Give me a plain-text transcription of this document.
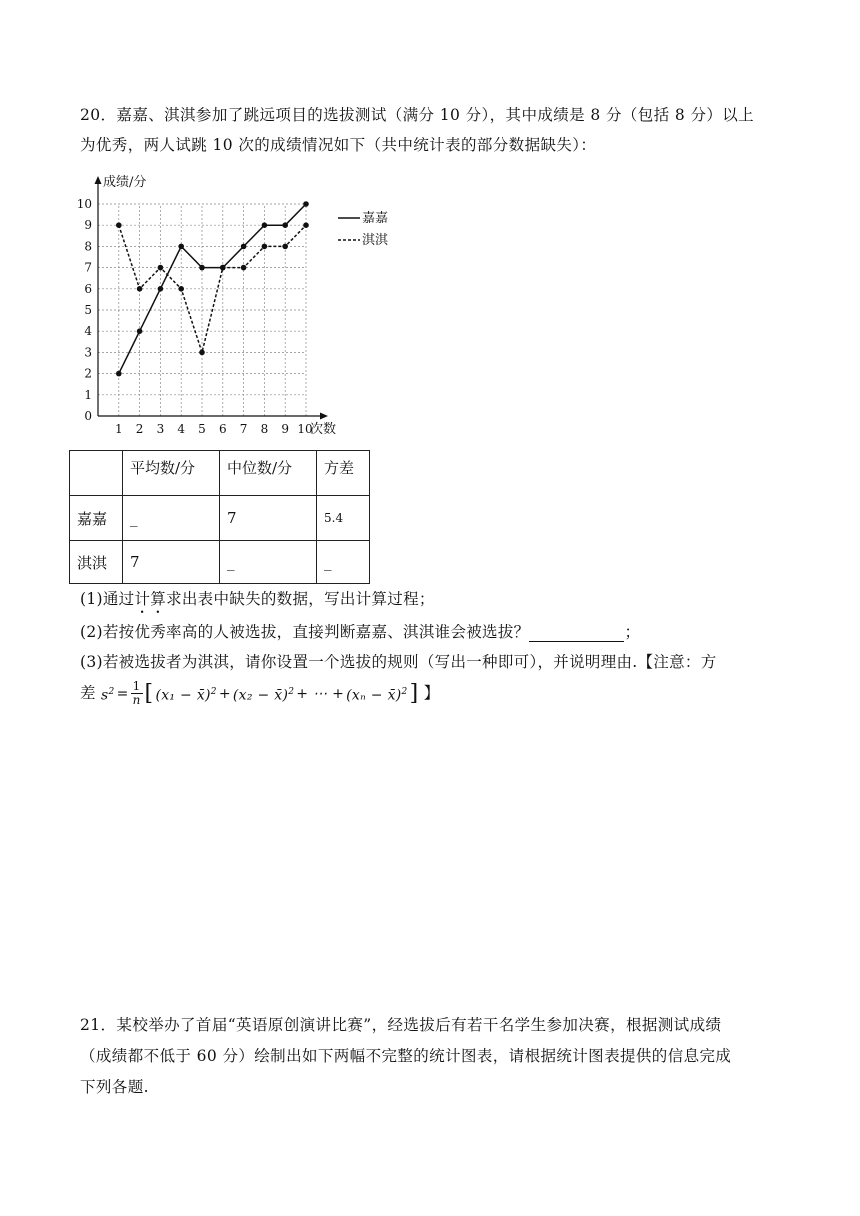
20．嘉嘉、淇淇参加了跳远项目的选拔测试（满分 10 分），其中成绩是 8 分（包括 8 分）以上
为优秀，两人试跳 10 次的成绩情况如下（共中统计表的部分数据缺失）：
成绩/分
次数
0
1
2
3
4
5
6
7
8
9
10
1 2 3 4 5 6 7 8 9 10
嘉嘉
淇淇
	平均数/分	中位数/分	方差
嘉嘉	_	7	5.4
淇淇	7	_	_
(1)通过计算求出表中缺失的数据，写出计算过程；
(2)若按优秀率高的人被选拔，直接判断嘉嘉、淇淇谁会被选拔？	；
(3)若被选拔者为淇淇，请你设置一个选拔的规则（写出一种即可），并说明理由.【注意：方
差 $s^2 = \frac{1}{n}$ [ (x₁ − x̄)$^2$ + (x₂ − x̄)$^2$ + ⋯ + (xₙ − x̄)$^2$ ] 】
21．某校举办了首届“英语原创演讲比赛”，经选拔后有若干名学生参加决赛，根据测试成绩
（成绩都不低于 60 分）绘制出如下两幅不完整的统计图表，请根据统计图表提供的信息完成
下列各题.
